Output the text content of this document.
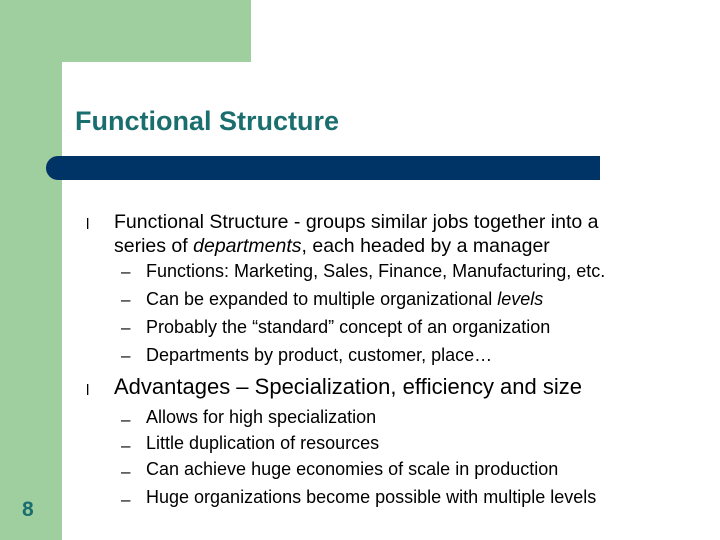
Functional Structure
l Functional Structure - groups similar jobs together into a
series of departments, each headed by a manager
– Functions: Marketing, Sales, Finance, Manufacturing, etc.
– Can be expanded to multiple organizational levels
– Probably the “standard” concept of an organization
– Departments by product, customer, place…
l Advantages – Specialization, efficiency and size
– Allows for high specialization
– Little duplication of resources
– Can achieve huge economies of scale in production
– Huge organizations become possible with multiple levels
8
